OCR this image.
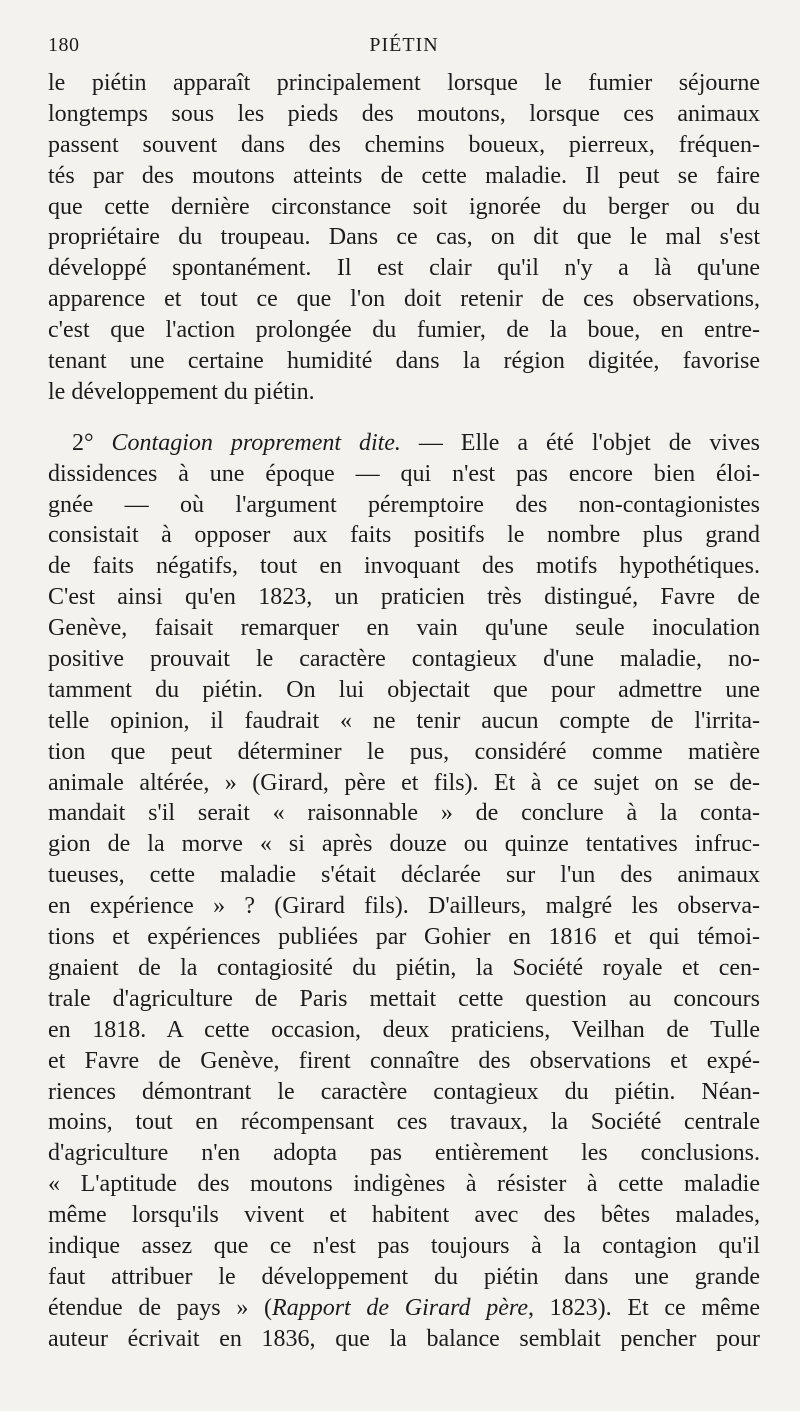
180	PIÉTIN
le piétin apparaît principalement lorsque le fumier séjourne
longtemps sous les pieds des moutons, lorsque ces animaux
passent souvent dans des chemins boueux, pierreux, fréquen-
tés par des moutons atteints de cette maladie. Il peut se faire
que cette dernière circonstance soit ignorée du berger ou du
propriétaire du troupeau. Dans ce cas, on dit que le mal s'est
développé spontanément. Il est clair qu'il n'y a là qu'une
apparence et tout ce que l'on doit retenir de ces observations,
c'est que l'action prolongée du fumier, de la boue, en entre-
tenant une certaine humidité dans la région digitée, favorise
le développement du piétin.
2° Contagion proprement dite. — Elle a été l'objet de vives
dissidences à une époque — qui n'est pas encore bien éloi-
gnée — où l'argument péremptoire des non-contagionistes
consistait à opposer aux faits positifs le nombre plus grand
de faits négatifs, tout en invoquant des motifs hypothétiques.
C'est ainsi qu'en 1823, un praticien très distingué, Favre de
Genève, faisait remarquer en vain qu'une seule inoculation
positive prouvait le caractère contagieux d'une maladie, no-
tamment du piétin. On lui objectait que pour admettre une
telle opinion, il faudrait « ne tenir aucun compte de l'irrita-
tion que peut déterminer le pus, considéré comme matière
animale altérée, » (Girard, père et fils). Et à ce sujet on se de-
mandait s'il serait « raisonnable » de conclure à la conta-
gion de la morve « si après douze ou quinze tentatives infruc-
tueuses, cette maladie s'était déclarée sur l'un des animaux
en expérience » ? (Girard fils). D'ailleurs, malgré les observa-
tions et expériences publiées par Gohier en 1816 et qui témoi-
gnaient de la contagiosité du piétin, la Société royale et cen-
trale d'agriculture de Paris mettait cette question au concours
en 1818. A cette occasion, deux praticiens, Veilhan de Tulle
et Favre de Genève, firent connaître des observations et expé-
riences démontrant le caractère contagieux du piétin. Néan-
moins, tout en récompensant ces travaux, la Société centrale
d'agriculture n'en adopta pas entièrement les conclusions.
« L'aptitude des moutons indigènes à résister à cette maladie
même lorsqu'ils vivent et habitent avec des bêtes malades,
indique assez que ce n'est pas toujours à la contagion qu'il
faut attribuer le développement du piétin dans une grande
étendue de pays » (Rapport de Girard père, 1823). Et ce même
auteur écrivait en 1836, que la balance semblait pencher pour
